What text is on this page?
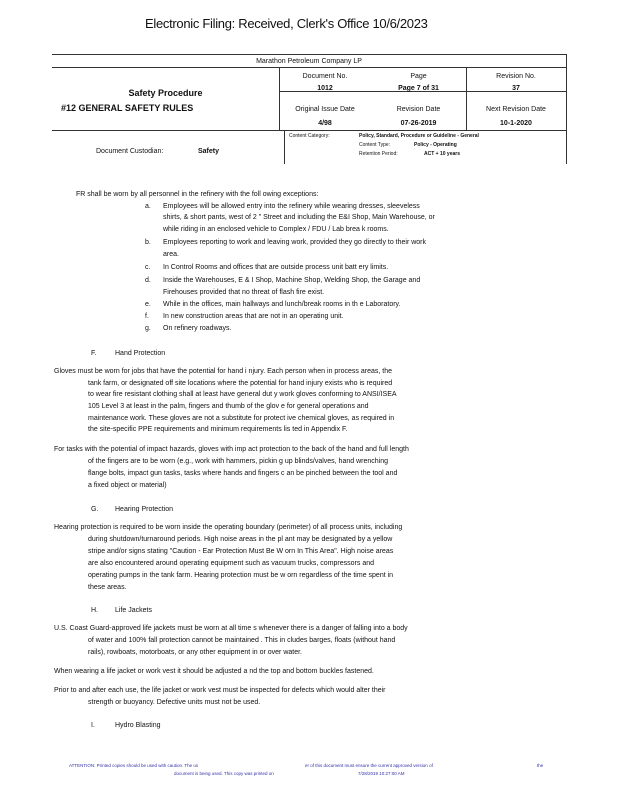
Electronic Filing: Received, Clerk's Office 10/6/2023
Marathon Petroleum Company LP
Safety Procedure
#12 GENERAL SAFETY RULES
Document No.
1012
Page
Page 7 of 31
Revision No.
37
Original Issue Date
4/98
Revision Date
07-26-2019
Next Revision Date
10-1-2020
Document Custodian:	Safety
Content Category:	Policy, Standard, Procedure or Guideline - General
Content Type:	Policy - Operating
Retention Period:	ACT + 10 years
FR shall be worn by all personnel in the refinery with the foll owing exceptions:
a. Employees will be allowed entry into the refinery while wearing dresses, sleeveless
shirts, & short pants, west of 2 " Street and including the E&I Shop, Main Warehouse, or
while riding in an enclosed vehicle to Complex / FDU / Lab brea k rooms.
b. Employees reporting to work and leaving work, provided they go directly to their work
area.
c. In Control Rooms and offices that are outside process unit batt ery limits.
d. Inside the Warehouses, E & I Shop, Machine Shop, Welding Shop, the Garage and
Firehouses provided that no threat of flash fire exist.
e. While in the offices, main hallways and lunch/break rooms in th e Laboratory.
f. In new construction areas that are not in an operating unit.
g. On refinery roadways.
F.	Hand Protection
Gloves must be worn for jobs that have the potential for hand i njury. Each person when in process areas, the
tank farm, or designated off site locations where the potential for hand injury exists who is required
to wear fire resistant clothing shall at least have general dut y work gloves conforming to ANSI/ISEA
105 Level 3 at least in the palm, fingers and thumb of the glov e for general operations and
maintenance work. These gloves are not a substitute for protect ive chemical gloves, as required in
the site-specific PPE requirements and minimum requirements lis ted in Appendix F.
For tasks with the potential of impact hazards, gloves with imp act protection to the back of the hand and full length
of the fingers are to be worn (e.g., work with hammers, pickin g up blinds/valves, hand wrenching
flange bolts, impact gun tasks, tasks where hands and fingers c an be pinched between the tool and
a fixed object or material)
G. Hearing Protection
Hearing protection is required to be worn inside the operating boundary (perimeter) of all process units, including
during shutdown/turnaround periods. High noise areas in the pl ant may be designated by a yellow
stripe and/or signs stating "Caution - Ear Protection Must Be W orn In This Area". High noise areas
are also encountered around operating equipment such as vacuum trucks, compressors and
operating pumps in the tank farm. Hearing protection must be w orn regardless of the time spent in
these areas.
H. Life Jackets
U.S. Coast Guard-approved life jackets must be worn at all time s whenever there is a danger of falling into a body
of water and 100% fall protection cannot be maintained . This in cludes barges, floats (without hand
rails), rowboats, motorboats, or any other equipment in or over water.
When wearing a life jacket or work vest it should be adjusted a nd the top and bottom buckles fastened.
Prior to and after each use, the life jacket or work vest must be inspected for defects which would alter their
strength or buoyancy. Defective units must not be used.
I.	Hydro Blasting
ATTENTION: Printed copies should be used with caution. The us
document is being used. This copy was printed on
er of this document must ensure the current approved version of
7/28/2019 10:27:00 AM
the
